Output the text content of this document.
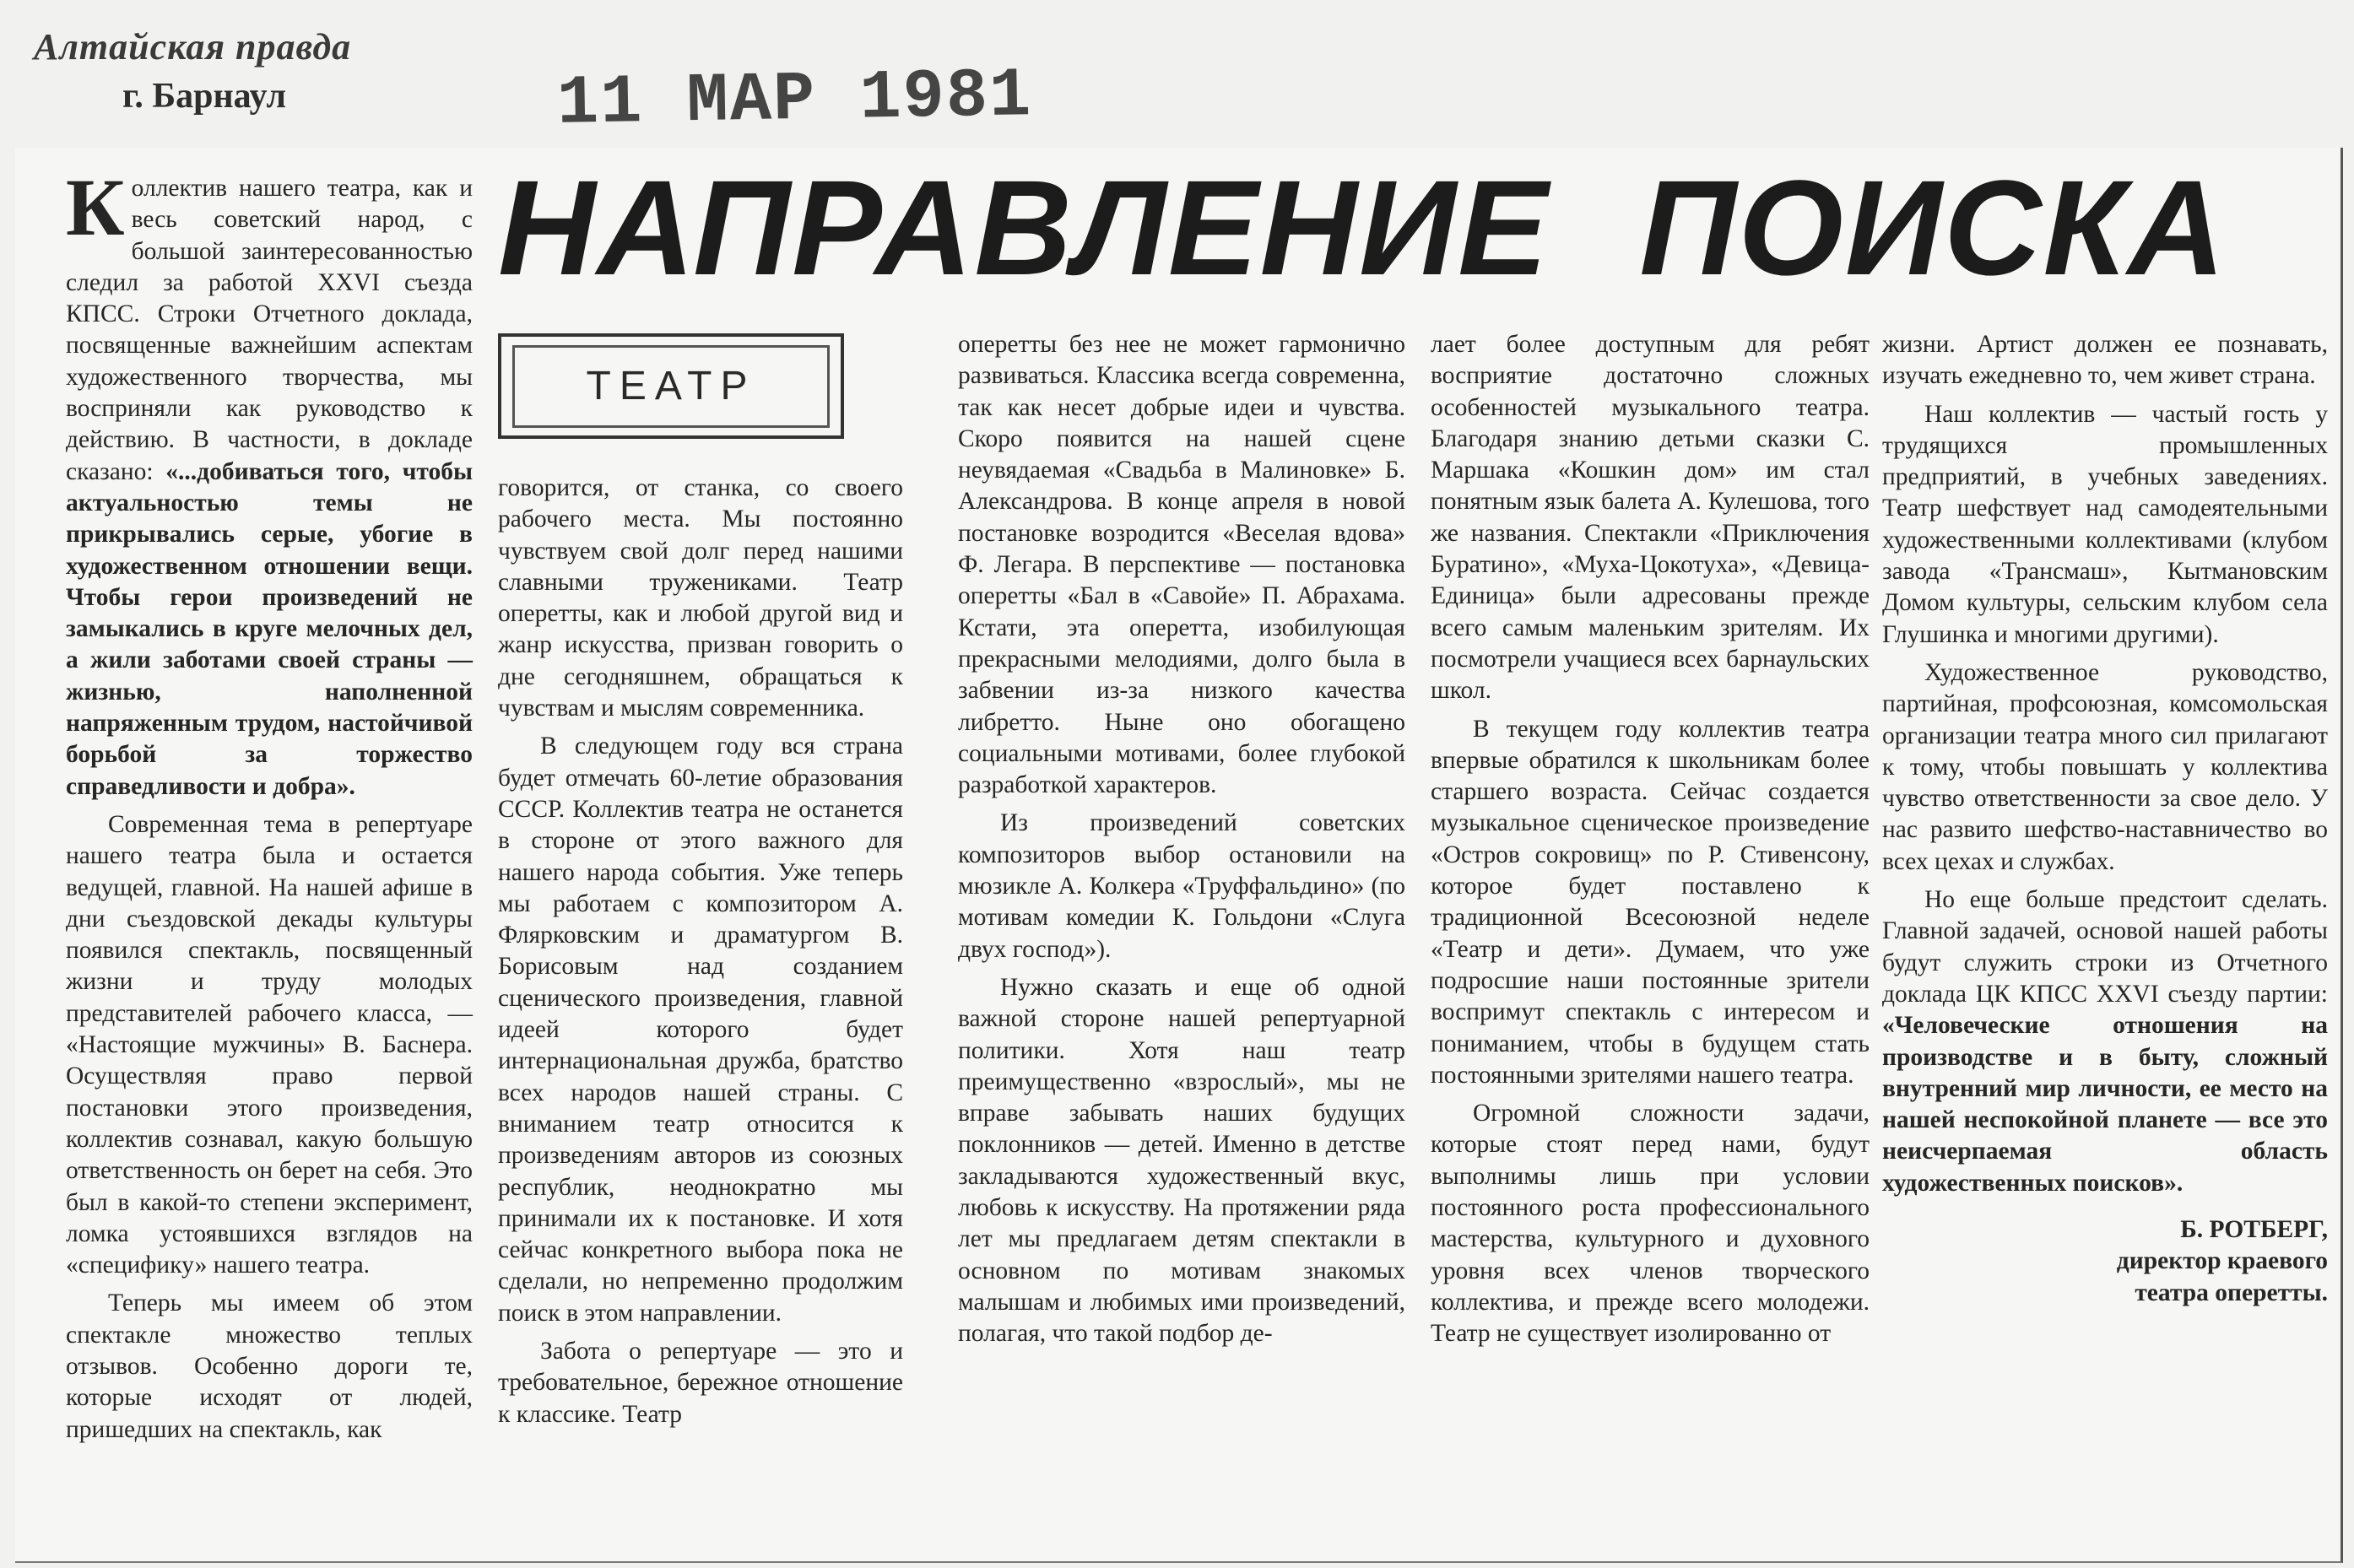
Алтайская правда
г. Барнаул	11 МАР 1981
НАПРАВЛЕНИЕ ПОИСКА
ТЕАТР

Коллектив нашего театра, как и весь советский народ, с большой заинтересованностью следил за работой XXVI съезда КПСС. Строки Отчетного доклада, посвященные важнейшим аспектам художественного творчества, мы восприняли как руководство к действию. В частности, в докладе сказано: «...добиваться того, чтобы актуальностью темы не прикрывались серые, убогие в художественном отношении вещи. Чтобы герои произведений не замыкались в круге мелочных дел, а жили заботами своей страны — жизнью, наполненной напряженным трудом, настойчивой борьбой за торжество справедливости и добра».

Современная тема в репертуаре нашего театра была и остается ведущей, главной. На нашей афише в дни съездовской декады культуры появился спектакль, посвященный жизни и труду молодых представителей рабочего класса, — «Настоящие мужчины» В. Баснера. Осуществляя право первой постановки этого произведения, коллектив сознавал, какую большую ответственность он берет на себя. Это был в какой-то степени эксперимент, ломка устоявшихся взглядов на «специфику» нашего театра.

Теперь мы имеем об этом спектакле множество теплых отзывов. Особенно дороги те, которые исходят от людей, пришедших на спектакль, как

говорится, от станка, со своего рабочего места. Мы постоянно чувствуем свой долг перед нашими славными тружениками. Театр оперетты, как и любой другой вид и жанр искусства, призван говорить о дне сегодняшнем, обращаться к чувствам и мыслям современника.

В следующем году вся страна будет отмечать 60-летие образования СССР. Коллектив театра не останется в стороне от этого важного для нашего народа события. Уже теперь мы работаем с композитором А. Флярковским и драматургом В. Борисовым над созданием сценического произведения, главной идеей которого будет интернациональная дружба, братство всех народов нашей страны. С вниманием театр относится к произведениям авторов из союзных республик, неоднократно мы принимали их к постановке. И хотя сейчас конкретного выбора пока не сделали, но непременно продолжим поиск в этом направлении.

Забота о репертуаре — это и требовательное, бережное отношение к классике. Театр

оперетты без нее не может гармонично развиваться. Классика всегда современна, так как несет добрые идеи и чувства. Скоро появится на нашей сцене неувядаемая «Свадьба в Малиновке» Б. Александрова. В конце апреля в новой постановке возродится «Веселая вдова» Ф. Легара. В перспективе — постановка оперетты «Бал в «Савойе» П. Абрахама. Кстати, эта оперетта, изобилующая прекрасными мелодиями, долго была в забвении из-за низкого качества либретто. Ныне оно обогащено социальными мотивами, более глубокой разработкой характеров.

Из произведений советских композиторов выбор остановили на мюзикле А. Колкера «Труффальдино» (по мотивам комедии К. Гольдони «Слуга двух господ»).

Нужно сказать и еще об одной важной стороне нашей репертуарной политики. Хотя наш театр преимущественно «взрослый», мы не вправе забывать наших будущих поклонников — детей. Именно в детстве закладываются художественный вкус, любовь к искусству. На протяжении ряда лет мы предлагаем детям спектакли в основном по мотивам знакомых малышам и любимых ими произведений, полагая, что такой подбор де-

лает более доступным для ребят восприятие достаточно сложных особенностей музыкального театра. Благодаря знанию детьми сказки С. Маршака «Кошкин дом» им стал понятным язык балета А. Кулешова, того же названия. Спектакли «Приключения Буратино», «Муха-Цокотуха», «Девица-Единица» были адресованы прежде всего самым маленьким зрителям. Их посмотрели учащиеся всех барнаульских школ.

В текущем году коллектив театра впервые обратился к школьникам более старшего возраста. Сейчас создается музыкальное сценическое произведение «Остров сокровищ» по Р. Стивенсону, которое будет поставлено к традиционной Всесоюзной неделе «Театр и дети». Думаем, что уже подросшие наши постоянные зрители воспримут спектакль с интересом и пониманием, чтобы в будущем стать постоянными зрителями нашего театра.

Огромной сложности задачи, которые стоят перед нами, будут выполнимы лишь при условии постоянного роста профессионального мастерства, культурного и духовного уровня всех членов творческого коллектива, и прежде всего молодежи. Театр не существует изолированно от

жизни. Артист должен ее познавать, изучать ежедневно то, чем живет страна.

Наш коллектив — частый гость у трудящихся промышленных предприятий, в учебных заведениях. Театр шефствует над самодеятельными художественными коллективами (клубом завода «Трансмаш», Кытмановским Домом культуры, сельским клубом села Глушинка и многими другими).

Художественное руководство, партийная, профсоюзная, комсомольская организации театра много сил прилагают к тому, чтобы повышать у коллектива чувство ответственности за свое дело. У нас развито шефство-наставничество во всех цехах и службах.

Но еще больше предстоит сделать. Главной задачей, основой нашей работы будут служить строки из Отчетного доклада ЦК КПСС XXVI съезду партии: «Человеческие отношения на производстве и в быту, сложный внутренний мир личности, ее место на нашей неспокойной планете — все это неисчерпаемая область художественных поисков».

Б. РОТБЕРГ,
директор краевого
театра оперетты.
